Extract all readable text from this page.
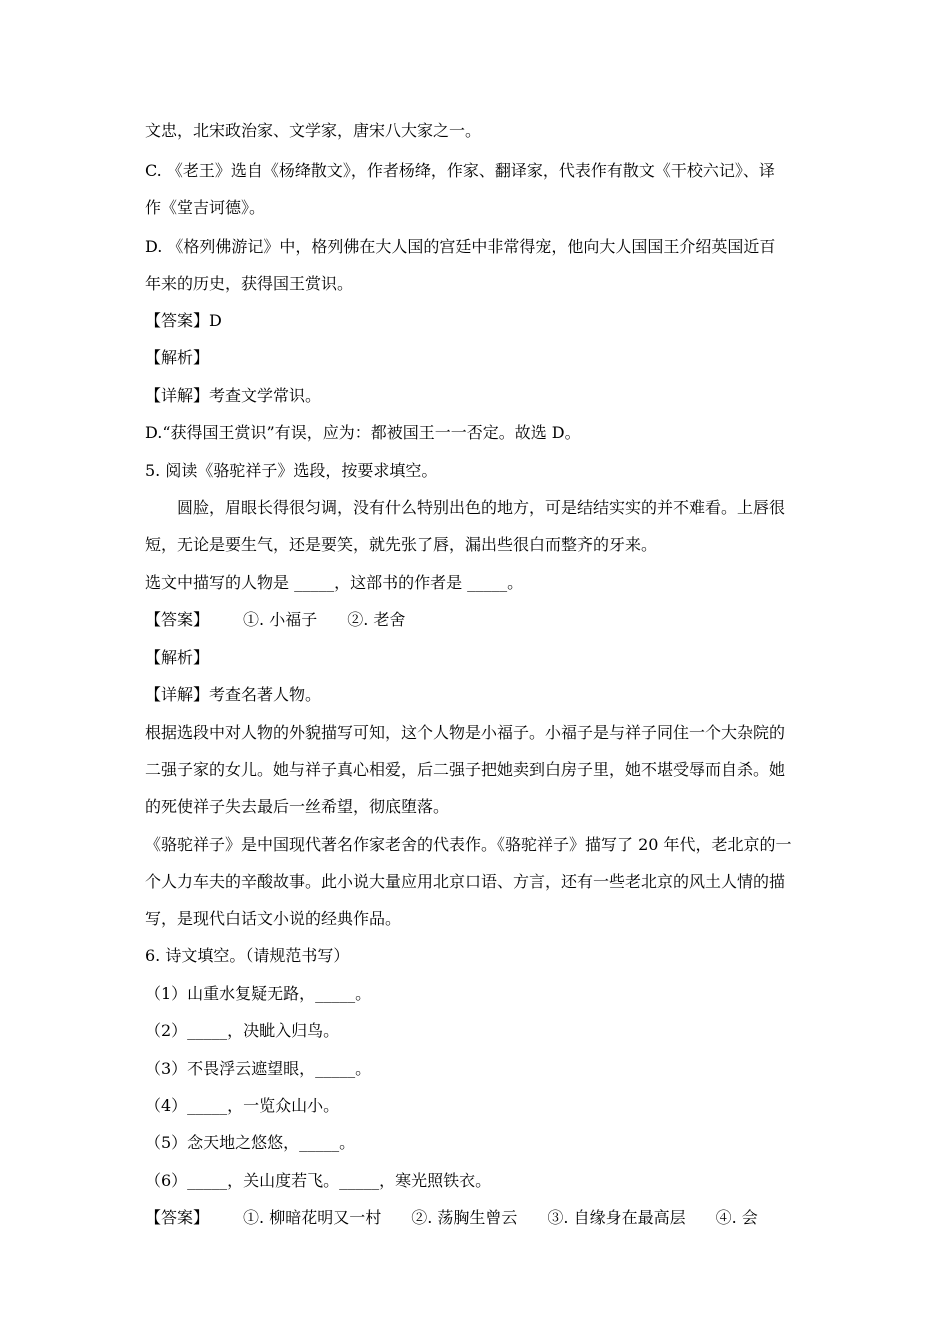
文忠，北宋政治家、文学家，唐宋八大家之一。
C. 《老王》选自《杨绛散文》，作者杨绛，作家、翻译家，代表作有散文《干校六记》、译
作《堂吉诃德》。
D. 《格列佛游记》中，格列佛在大人国的宫廷中非常得宠，他向大人国国王介绍英国近百
年来的历史，获得国王赏识。
【答案】D
【解析】
【详解】考查文学常识。
D.“获得国王赏识”有误，应为：都被国王一一否定。故选 D。
5. 阅读《骆驼祥子》选段，按要求填空。
圆脸，眉眼长得很匀调，没有什么特别出色的地方，可是结结实实的并不难看。上唇很
短，无论是要生气，还是要笑，就先张了唇，漏出些很白而整齐的牙来。
选文中描写的人物是 _____，这部书的作者是 _____。
【答案】 ①. 小福子 ②. 老舍
【解析】
【详解】考查名著人物。
根据选段中对人物的外貌描写可知，这个人物是小福子。小福子是与祥子同住一个大杂院的
二强子家的女儿。她与祥子真心相爱，后二强子把她卖到白房子里，她不堪受辱而自杀。她
的死使祥子失去最后一丝希望，彻底堕落。
《骆驼祥子》是中国现代著名作家老舍的代表作。《骆驼祥子》描写了 20 年代，老北京的一
个人力车夫的辛酸故事。此小说大量应用北京口语、方言，还有一些老北京的风土人情的描
写，是现代白话文小说的经典作品。
6. 诗文填空。（请规范书写）
（1）山重水复疑无路，_____。
（2）_____，决眦入归鸟。
（3）不畏浮云遮望眼，_____。
（4）_____，一览众山小。
（5）念天地之悠悠，_____。
（6）_____，关山度若飞。_____，寒光照铁衣。
【答案】 ①. 柳暗花明又一村 ②. 荡胸生曾云 ③. 自缘身在最高层 ④. 会
